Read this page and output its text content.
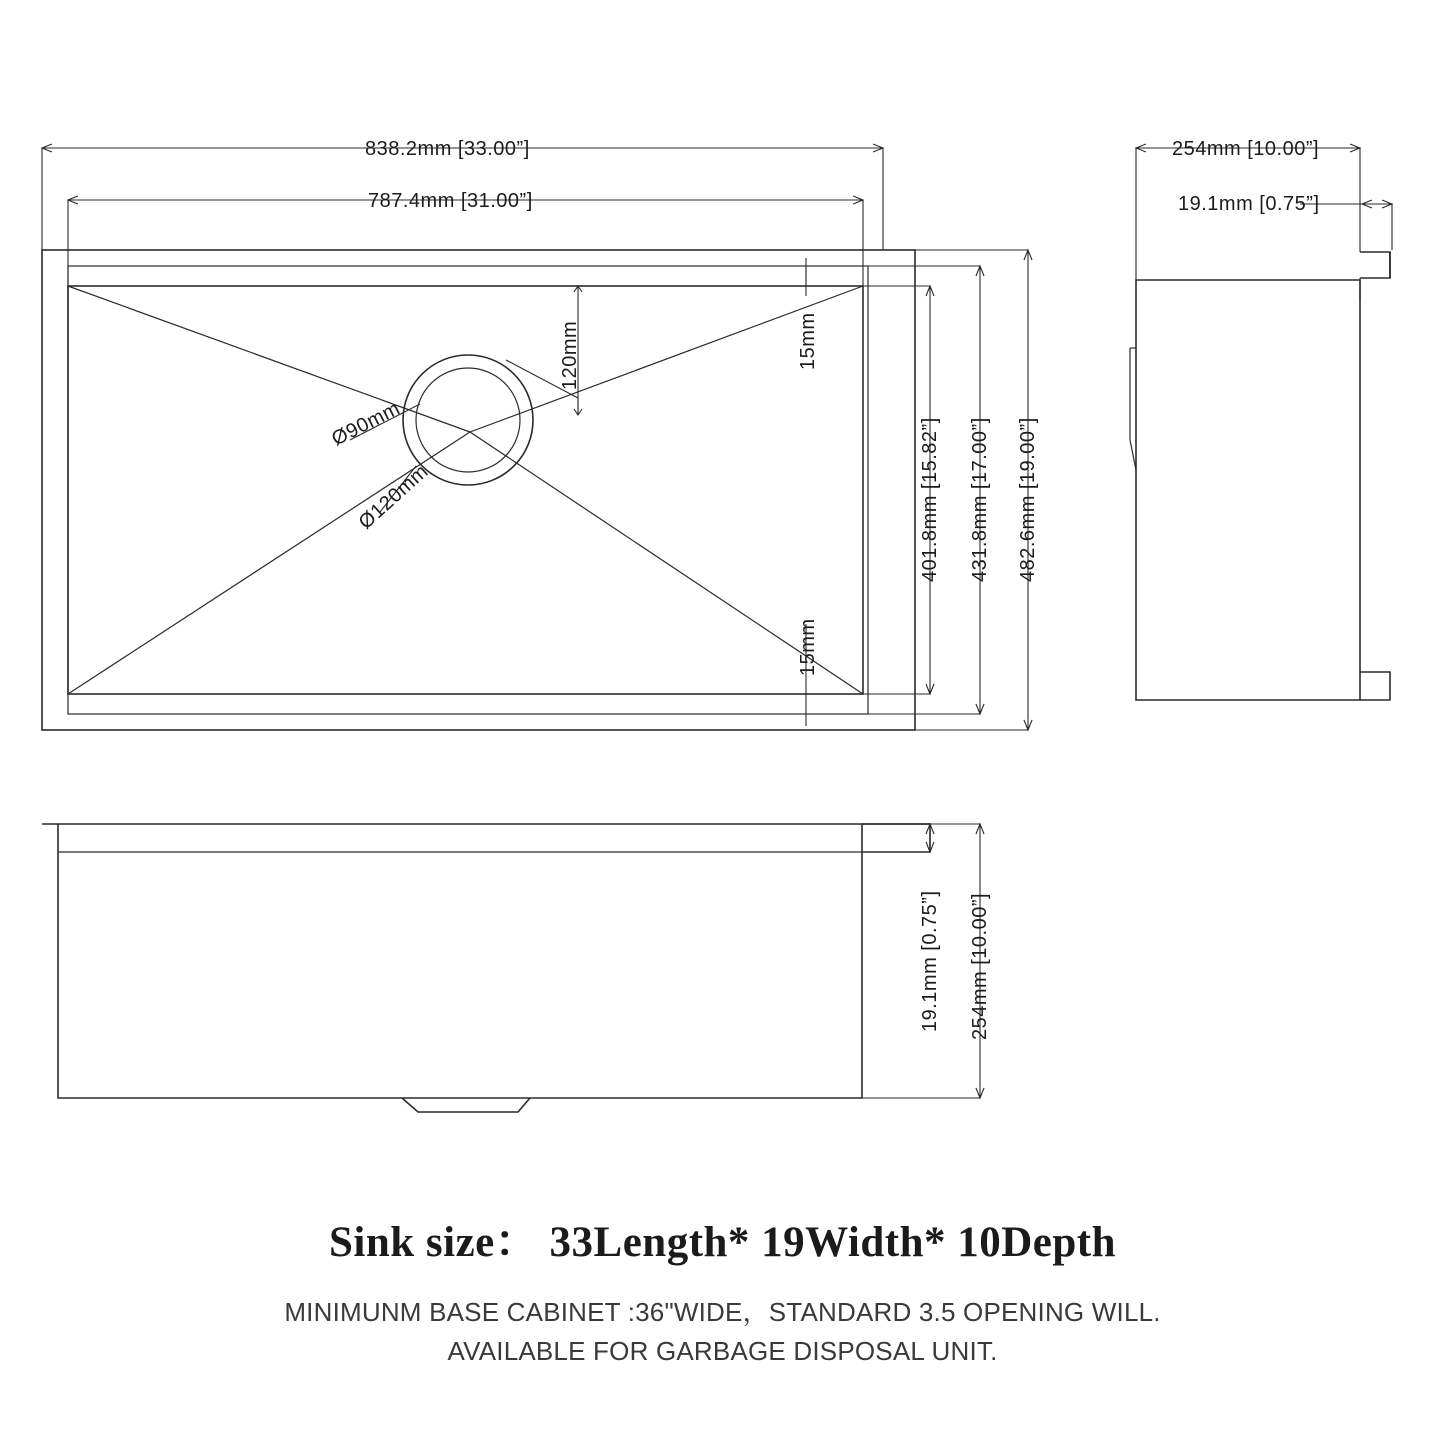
838.2mm [33.00”]
787.4mm [31.00”]
Ø90mm
Ø120mm
120mm	15mm
15mm
401.8mm [15.82”] 431.8mm [17.00”] 482.6mm [19.00”]
254mm [10.00”]
19.1mm [0.75”]
19.1mm [0.75”] 254mm [10.00”]

Sink size： 33Length* 19Width* 10Depth

MINIMUNM BASE CABINET :36"WIDE，STANDARD 3.5 OPENING WILL.

AVAILABLE FOR GARBAGE DISPOSAL UNIT.
